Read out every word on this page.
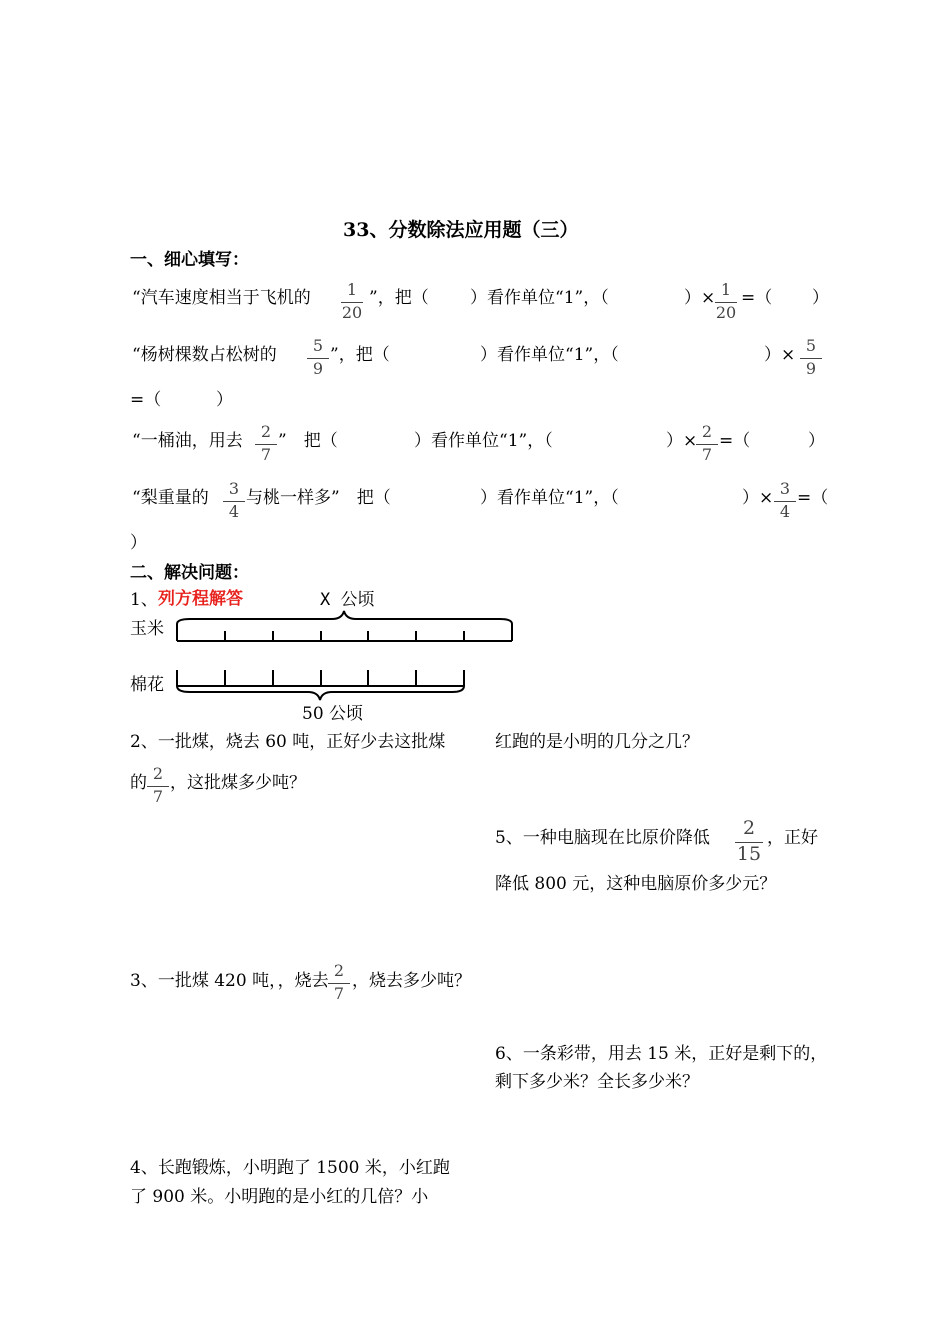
33、分数除法应用题（三）
一、细心填写：
“汽车速度相当于飞机的	1
20
”，把（ ）看作单位“1”，（	）× 1
20
=（ ）
“杨树棵数占松树的	5
9
”，把（	）看作单位“1”，（	）× 5
9
=（	）
“一桶油，用去	2
7
”　把（	）看作单位“1”，（	）× 2
7
=（	）
“梨重量的	3
4
与桃一样多”　把（	）看作单位“1”，（	）× 3
4
=（
）
二、解决问题：
1、 列方程解答	X 公顷
玉米
棉花
50 公顷
2、一批煤，烧去 60 吨，正好少去这批煤
的 2
7
，这批煤多少吨？
3、一批煤 420 吨，，烧去
2
7
，烧去多少吨？
4、长跑锻炼，小明跑了 1500 米，小红跑
了 900 米。小明跑的是小红的几倍？小
红跑的是小明的几分之几？
5、一种电脑现在比原价降低	2
15
，正好
降低 800 元，这种电脑原价多少元？
6、一条彩带，用去 15 米，正好是剩下的，
剩下多少米？全长多少米？
